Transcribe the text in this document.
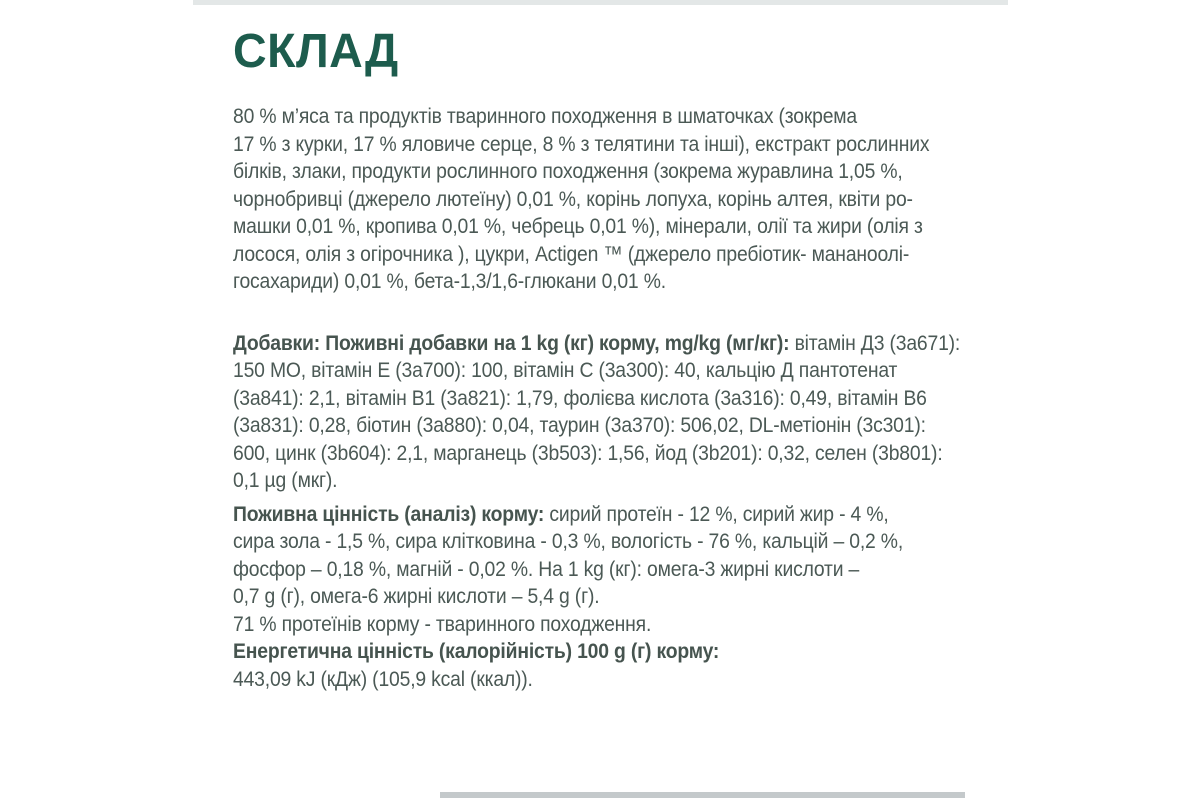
СКЛАД
80 % м’яса та продуктів тваринного походження в шматочках (зокрема
17 % з курки, 17 % яловиче серце, 8 % з телятини та інші), екстракт рослинних
білків, злаки, продукти рослинного походження (зокрема журавлина 1,05 %,
чорнобривці (джерело лютеїну) 0,01 %, корінь лопуха, корінь алтея, квіти ро-
машки 0,01 %, кропива 0,01 %, чебрець 0,01 %), мінерали, олії та жири (олія з
лосося, олія з огірочника ), цукри, Actigen ™ (джерело пребіотик- мананоолі-
госахариди) 0,01 %, бета-1,3/1,6-глюкани 0,01 %.
Добавки: Поживні добавки на 1 kg (кг) корму, mg/kg (мг/кг): вітамін Д3 (3а671):
150 МО, вітамін Е (3а700): 100, вітамін С (3а300): 40, кальцію Д пантотенат
(3а841): 2,1, вітамін В1 (3а821): 1,79, фолієва кислота (3а316): 0,49, вітамін В6
(3а831): 0,28, біотин (3а880): 0,04, таурин (3а370): 506,02, DL-метіонін (3с301):
600, цинк (3b604): 2,1, марганець (3b503): 1,56, йод (3b201): 0,32, селен (3b801):
0,1 µg (мкг).
Поживна цінність (аналіз) корму: сирий протеїн - 12 %, сирий жир - 4 %,
сира зола - 1,5 %, сира клітковина - 0,3 %, вологість - 76 %, кальцій – 0,2 %,
фосфор – 0,18 %, магній - 0,02 %. На 1 kg (кг): омега-3 жирні кислоти –
0,7 g (г), омега-6 жирні кислоти – 5,4 g (г).
71 % протеїнів корму - тваринного походження.
Енергетична цінність (калорійність) 100 g (г) корму:
443,09 kJ (кДж) (105,9 kcal (ккал)).
